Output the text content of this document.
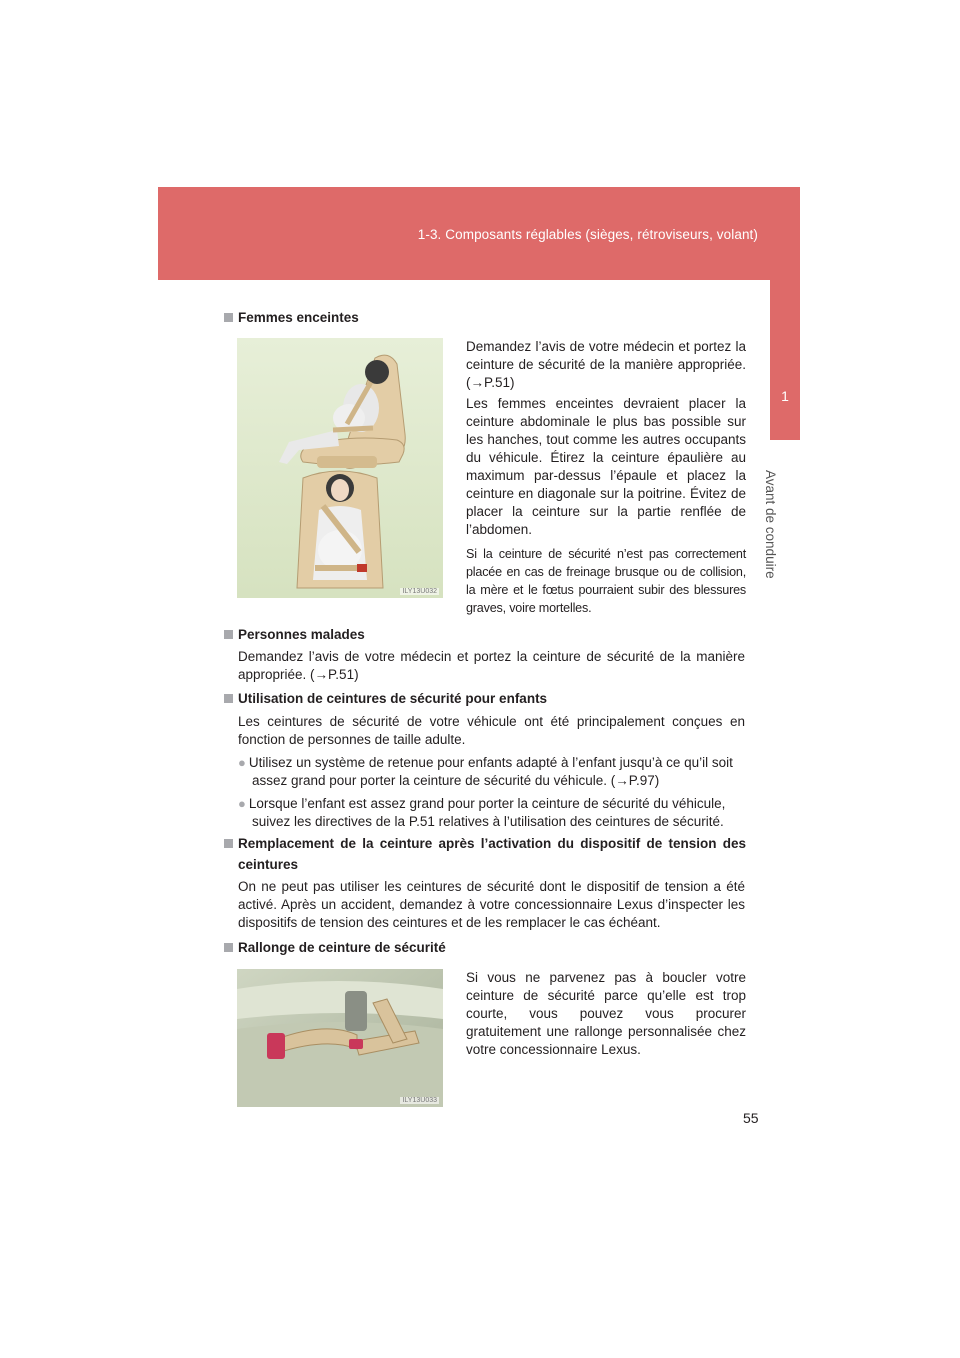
1-3. Composants réglables (sièges, rétroviseurs, volant)
1
Avant de conduire
Femmes enceintes
ILY13U032

Demandez l’avis de votre médecin et portez la ceinture de sécurité de la manière appropriée. (→P.51)

Les femmes enceintes devraient placer la ceinture abdominale le plus bas possible sur les hanches, tout comme les autres occupants du véhicule. Étirez la ceinture épaulière au maximum par-dessus l’épaule et placez la ceinture en diagonale sur la poitrine. Évitez de placer la ceinture sur la partie renflée de l’abdomen.

Si la ceinture de sécurité n’est pas correctement placée en cas de freinage brusque ou de collision, la mère et le fœtus pourraient subir des blessures graves, voire mortelles.

Personnes malades

Demandez l’avis de votre médecin et portez la ceinture de sécurité de la manière appropriée. (→P.51)

Utilisation de ceintures de sécurité pour enfants

Les ceintures de sécurité de votre véhicule ont été principalement conçues en fonction de personnes de taille adulte.

● Utilisez un système de retenue pour enfants adapté à l’enfant jusqu’à ce qu’il soit assez grand pour porter la ceinture de sécurité du véhicule. (→P.97)
● Lorsque l’enfant est assez grand pour porter la ceinture de sécurité du véhicule, suivez les directives de la P.51 relatives à l’utilisation des ceintures de sécurité.
Remplacement de la ceinture après l’activation du dispositif de tension des
ceintures

On ne peut pas utiliser les ceintures de sécurité dont le dispositif de tension a été activé. Après un accident, demandez à votre concessionnaire Lexus d’inspecter les dispositifs de tension des ceintures et de les remplacer le cas échéant.

Rallonge de ceinture de sécurité
ILY13U033

Si vous ne parvenez pas à boucler votre ceinture de sécurité parce qu’elle est trop courte, vous pouvez vous procurer gratuitement une rallonge personnalisée chez votre concessionnaire Lexus.

55
